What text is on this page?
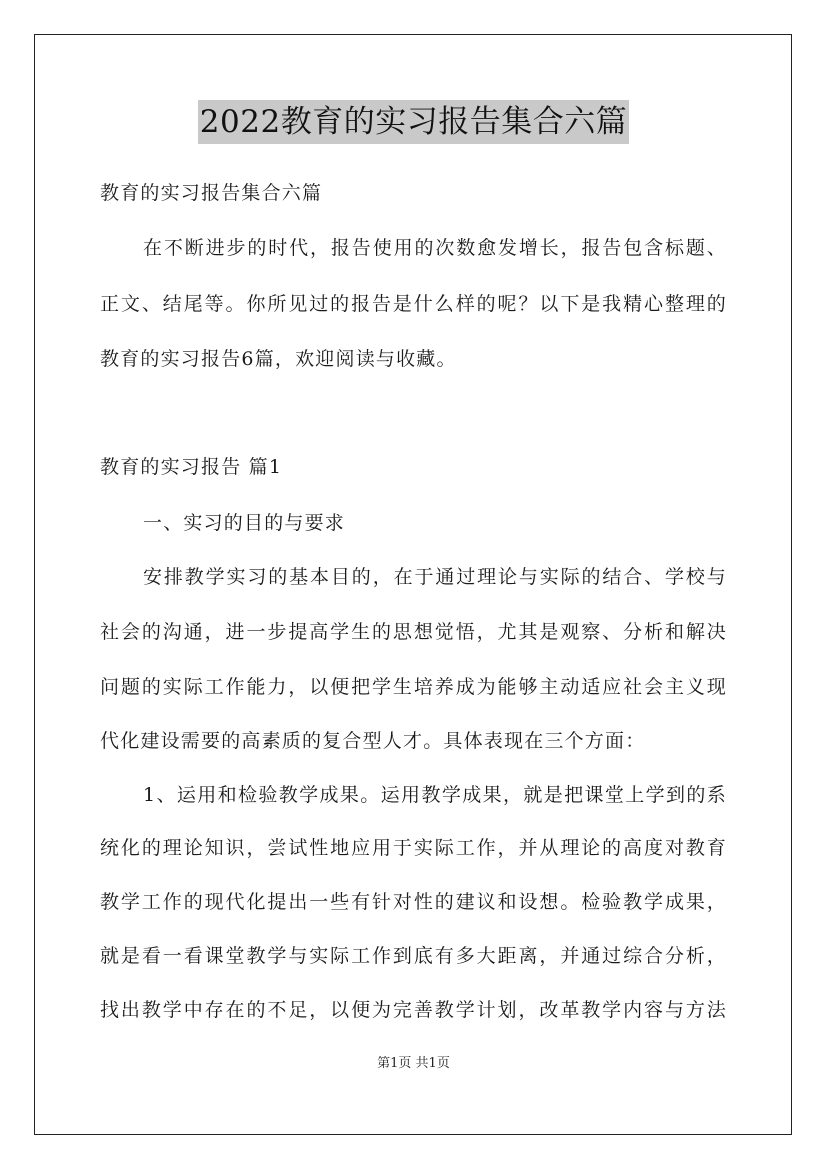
2022教育的实习报告集合六篇
教育的实习报告集合六篇
在不断进步的时代，报告使用的次数愈发增长，报告包含标题、
正文、结尾等。你所见过的报告是什么样的呢？以下是我精心整理的
教育的实习报告6篇，欢迎阅读与收藏。
教育的实习报告 篇1
一、实习的目的与要求
安排教学实习的基本目的，在于通过理论与实际的结合、学校与
社会的沟通，进一步提高学生的思想觉悟，尤其是观察、分析和解决
问题的实际工作能力，以便把学生培养成为能够主动适应社会主义现
代化建设需要的高素质的复合型人才。具体表现在三个方面：
1、运用和检验教学成果。运用教学成果，就是把课堂上学到的系
统化的理论知识，尝试性地应用于实际工作，并从理论的高度对教育
教学工作的现代化提出一些有针对性的建议和设想。检验教学成果，
就是看一看课堂教学与实际工作到底有多大距离，并通过综合分析，
找出教学中存在的不足，以便为完善教学计划，改革教学内容与方法
第1页 共1页
